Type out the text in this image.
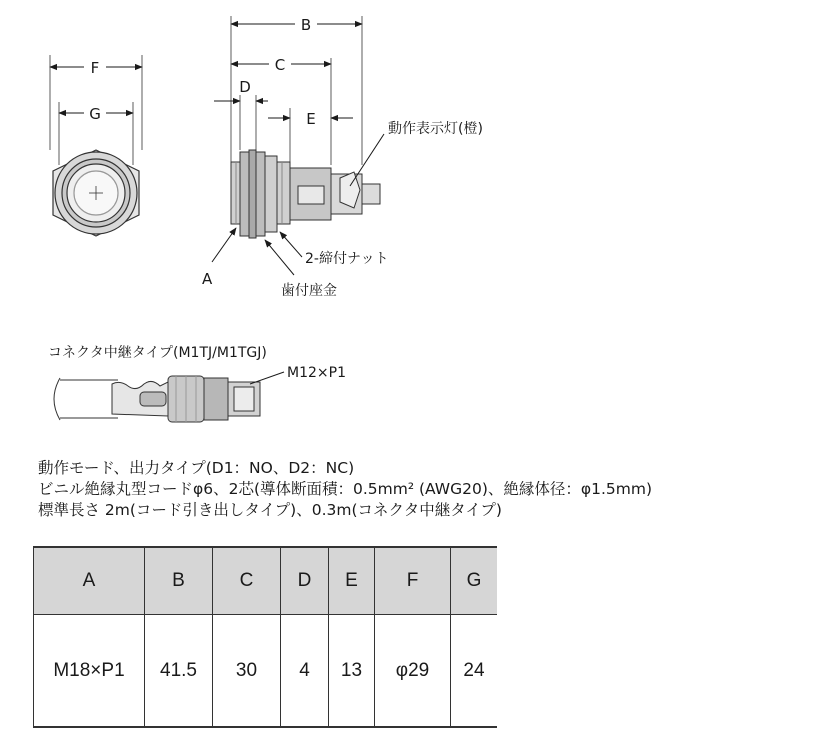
F
G
B
C
D
E
動作表示灯(橙)
2-締付ナット
歯付座金
A
コネクタ中継タイプ(M1TJ/M1TGJ)
M12×P1
動作モード、出力タイプ(D1：NO、D2：NC)
ビニル絶縁丸型コードφ6、2芯(導体断面積：0.5mm² (AWG20)、絶縁体径：φ1.5mm)
標準長さ 2m(コード引き出しタイプ)、0.3m(コネクタ中継タイプ)
A	B	C	D	E	F	G
M18×P1	41.5	30	4	13	φ29	24
